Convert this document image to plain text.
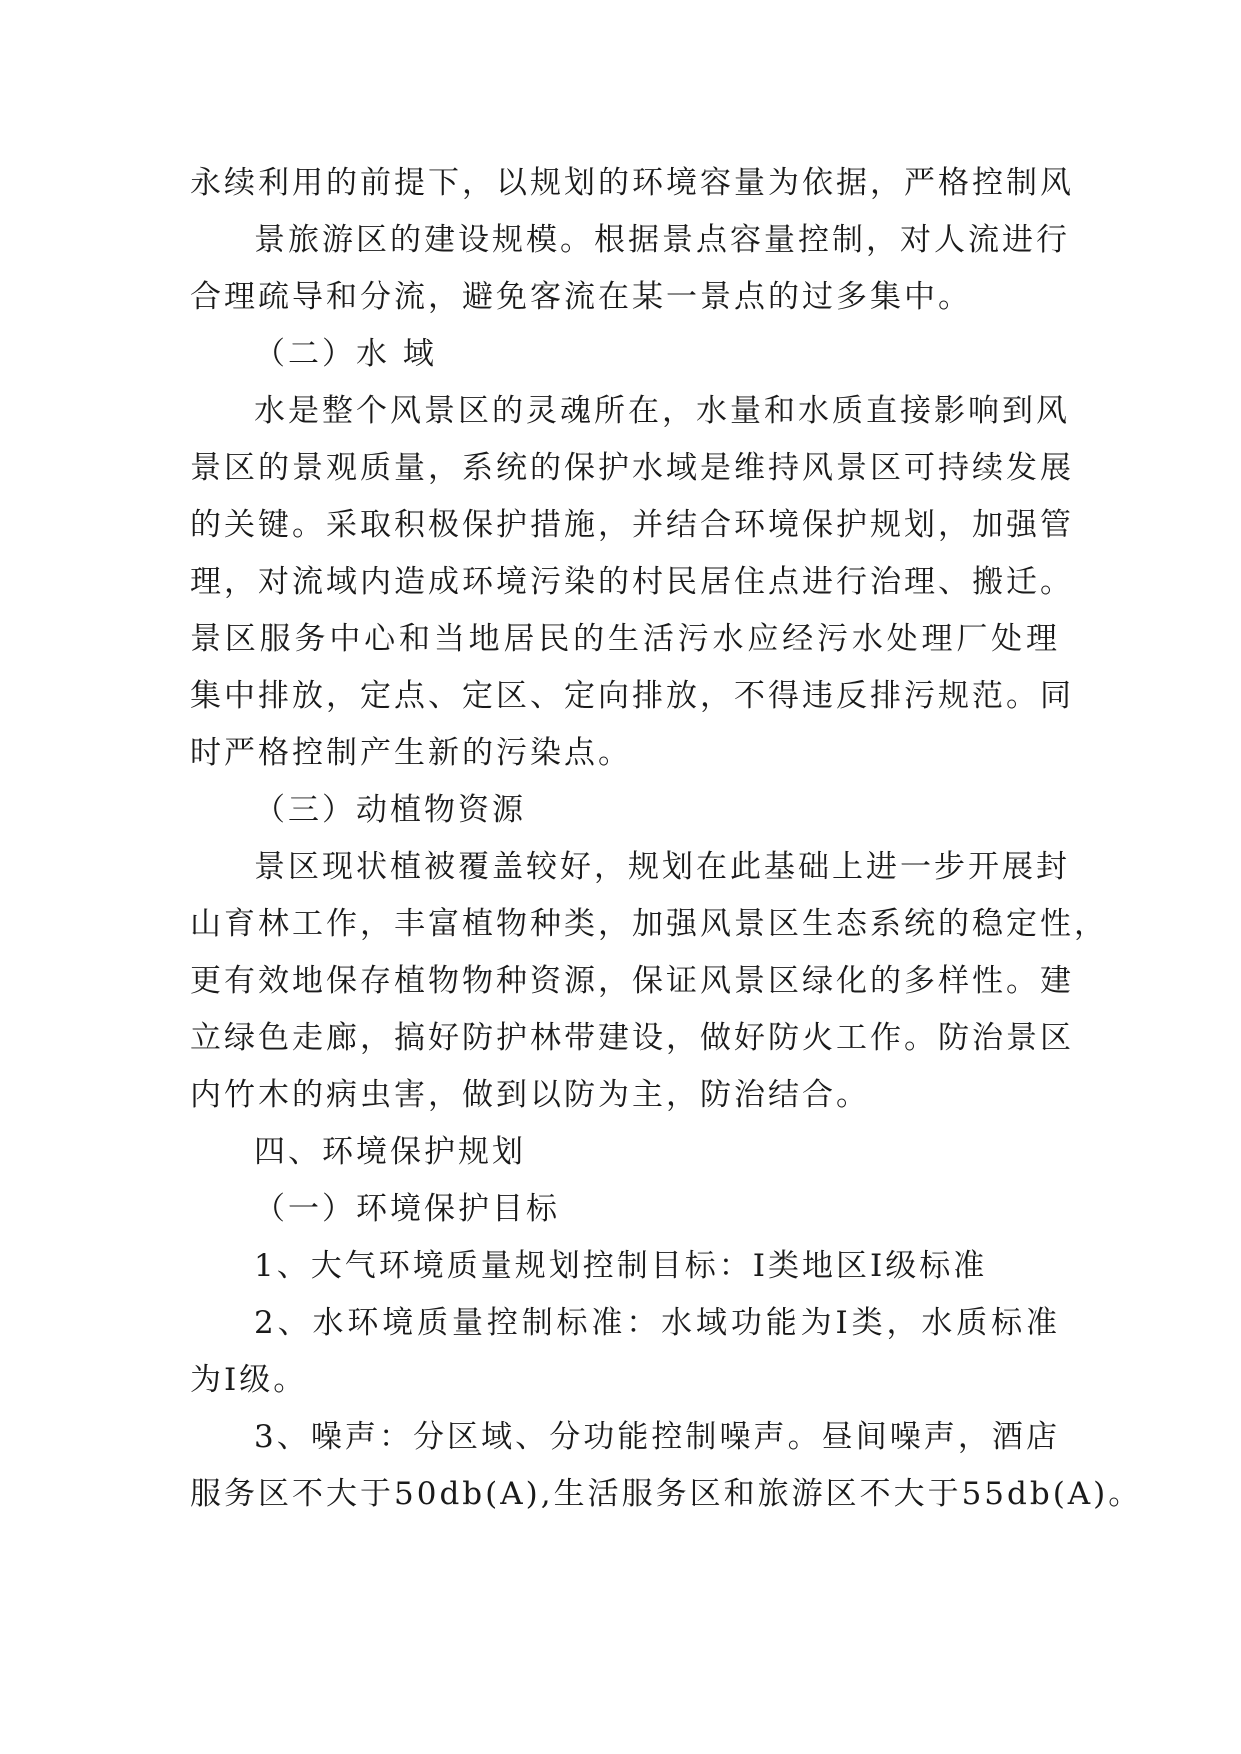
永续利用的前提下，以规划的环境容量为依据，严格控制风
景旅游区的建设规模。根据景点容量控制，对人流进行
合理疏导和分流，避免客流在某一景点的过多集中。
（二）水 域
水是整个风景区的灵魂所在，水量和水质直接影响到风
景区的景观质量，系统的保护水域是维持风景区可持续发展
的关键。采取积极保护措施，并结合环境保护规划，加强管
理，对流域内造成环境污染的村民居住点进行治理、搬迁。
景区服务中心和当地居民的生活污水应经污水处理厂处理
集中排放，定点、定区、定向排放，不得违反排污规范。同
时严格控制产生新的污染点。
（三）动植物资源
景区现状植被覆盖较好，规划在此基础上进一步开展封
山育林工作，丰富植物种类，加强风景区生态系统的稳定性，
更有效地保存植物物种资源，保证风景区绿化的多样性。建
立绿色走廊，搞好防护林带建设，做好防火工作。防治景区
内竹木的病虫害，做到以防为主，防治结合。
四、环境保护规划
（一）环境保护目标
1、大气环境质量规划控制目标：Ⅰ类地区Ⅰ级标准
2、水环境质量控制标准：水域功能为Ⅰ类，水质标准
为Ⅰ级。
3、噪声：分区域、分功能控制噪声。昼间噪声，酒店
服务区不大于50db(A),生活服务区和旅游区不大于55db(A)。
